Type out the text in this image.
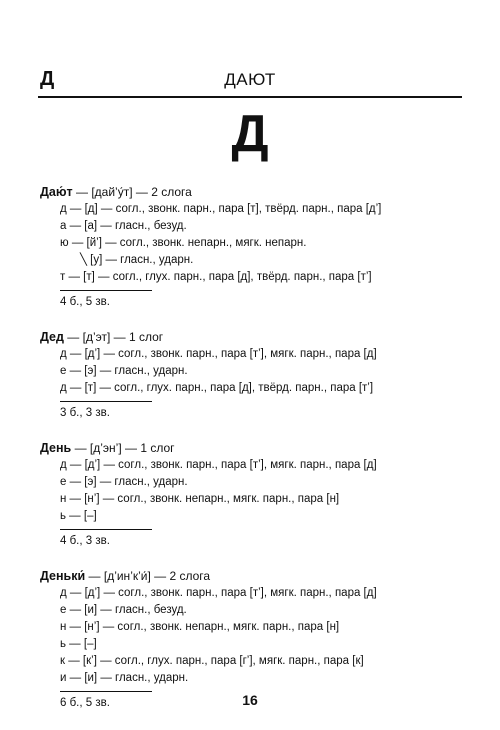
Д	ДАЮТ
Д
Даю́т — [дай’у́т] — 2 слога
д — [д] — согл., звонк. парн., пара [т], твёрд. парн., пара [д’]
а — [а] — гласн., безуд.
ю — [й’] — согл., звонк. непарн., мягк. непарн.
╲ [у] — гласн., ударн.
т — [т] — согл., глух. парн., пара [д], твёрд. парн., пара [т’]
4 б., 5 зв.
Дед — [д’эт] — 1 слог
д — [д’] — согл., звонк. парн., пара [т’], мягк. парн., пара [д]
е — [э] — гласн., ударн.
д — [т] — согл., глух. парн., пара [д], твёрд. парн., пара [т’]
3 б., 3 зв.
День — [д’эн’] — 1 слог
д — [д’] — согл., звонк. парн., пара [т’], мягк. парн., пара [д]
е — [э] — гласн., ударн.
н — [н’] — согл., звонк. непарн., мягк. парн., пара [н]
ь — [–]
4 б., 3 зв.
Деньки́ — [д’ин’к’и́] — 2 слога
д — [д’] — согл., звонк. парн., пара [т’], мягк. парн., пара [д]
е — [и] — гласн., безуд.
н — [н’] — согл., звонк. непарн., мягк. парн., пара [н]
ь — [–]
к — [к’] — согл., глух. парн., пара [г’], мягк. парн., пара [к]
и — [и] — гласн., ударн.
6 б., 5 зв.	16
